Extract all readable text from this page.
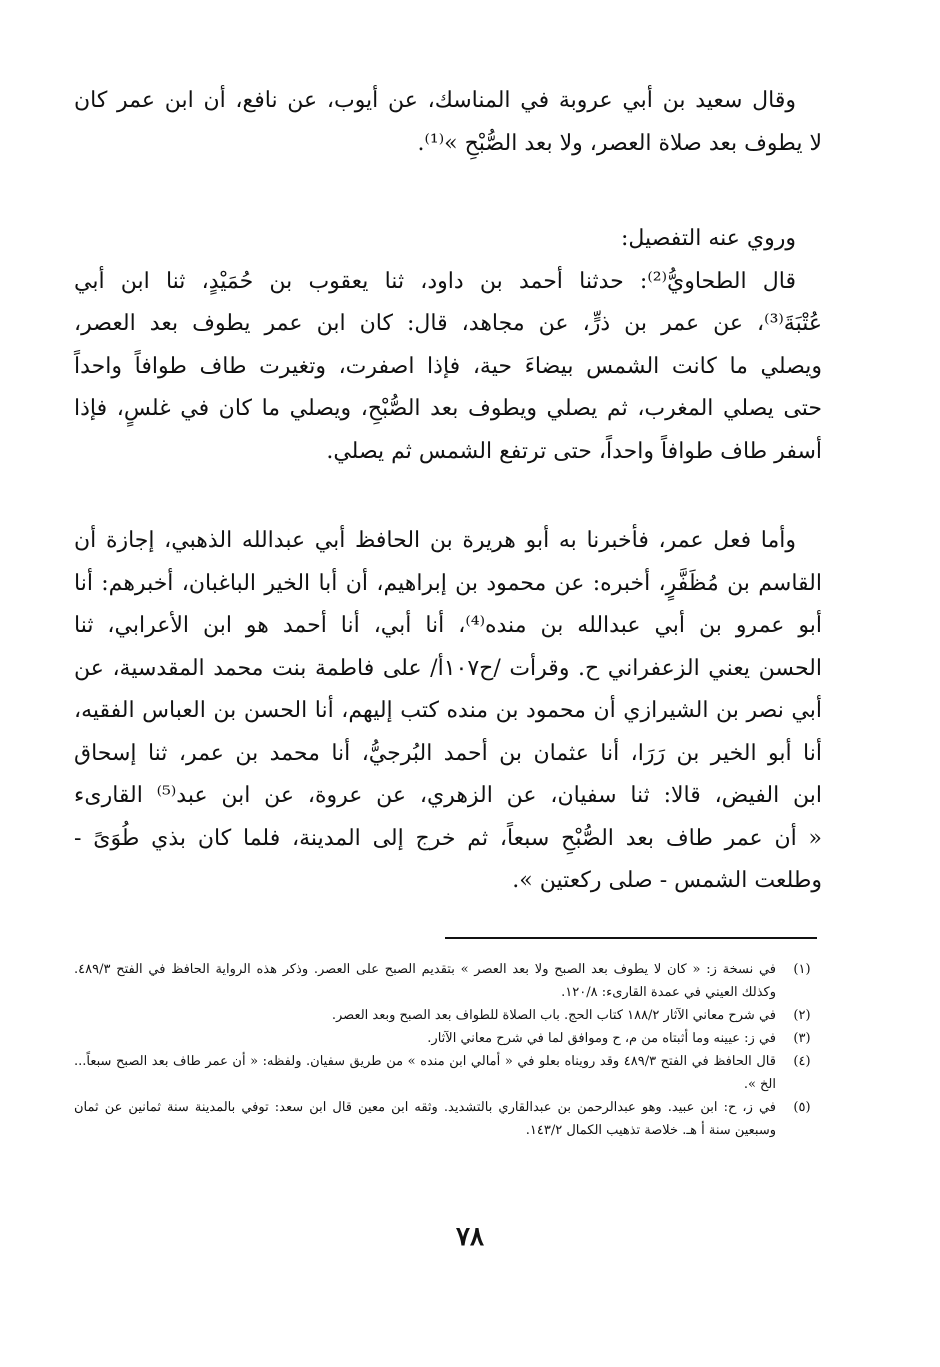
وقال سعيد بن أبي عروبة في المناسك، عن أيوب، عن نافع، أن ابن عمر كان
لا يطوف بعد صلاة العصر، ولا بعد الصُّبْحِ »⁽¹⁾.
وروي عنه التفصيل:
قال الطحاويُّ⁽²⁾: حدثنا أحمد بن داود، ثنا يعقوب بن حُمَيْدٍ، ثنا ابن أبي
عُتْبَةَ⁽³⁾، عن عمر بن ذرٍّ، عن مجاهد، قال: كان ابن عمر يطوف بعد العصر،
ويصلي ما كانت الشمس بيضاءَ حية، فإذا اصفرت، وتغيرت طاف طوافاً واحداً
حتى يصلي المغرب، ثم يصلي ويطوف بعد الصُّبْحِ، ويصلي ما كان في غلسٍ، فإذا
أسفر طاف طوافاً واحداً، حتى ترتفع الشمس ثم يصلي.
وأما فعل عمر، فأخبرنا به أبو هريرة بن الحافظ أبي عبدالله الذهبي، إجازة أن
القاسم بن مُظَفَّرٍ، أخبره: عن محمود بن إبراهيم، أن أبا الخير الباغبان، أخبرهم: أنا
أبو عمرو بن أبي عبدالله بن منده⁽⁴⁾، أنا أبي، أنا أحمد هو ابن الأعرابي، ثنا
الحسن يعني الزعفراني ح. وقرأت /ح١٠٧أ/ على فاطمة بنت محمد المقدسية، عن
أبي نصر بن الشيرازي أن محمود بن منده كتب إليهم، أنا الحسن بن العباس الفقيه،
أنا أبو الخير بن رَرَا، أنا عثمان بن أحمد البُرجيُّ، أنا محمد بن عمر، ثنا إسحاق
ابن الفيض، قالا: ثنا سفيان، عن الزهري، عن عروة، عن ابن عبد⁽⁵⁾ القارىء
« أن عمر طاف بعد الصُّبْحِ سبعاً، ثم خرج إلى المدينة، فلما كان بذي طُوَىً -
وطلعت الشمس - صلى ركعتين ».
(١)
في نسخة ز: « كان لا يطوف بعد الصبح ولا بعد العصر » بتقديم الصبح على العصر. وذكر هذه الرواية الحافظ في الفتح ٤٨٩/٣. وكذلك العيني في عمدة القارىء: ١٢٠/٨.
(٢)
في شرح معاني الآثار ١٨٨/٢ كتاب الحج. باب الصلاة للطواف بعد الصبح وبعد العصر.
(٣)
في ز: عيينه وما أثبتاه من م، ح وموافق لما في شرح معاني الآثار.
(٤)
قال الحافظ في الفتح ٤٨٩/٣ وقد رويناه بعلو في « أمالي ابن منده » من طريق سفيان. ولفظه: « أن عمر طاف بعد الصبح سبعاً... الخ ».
(٥)
في ز، ح: ابن عبيد. وهو عبدالرحمن بن عبدالقاري بالتشديد. وثقه ابن معين قال ابن سعد: توفي بالمدينة سنة ثمانين عن ثمان وسبعين سنة أ هـ. خلاصة تذهيب الكمال ١٤٣/٢.
٧٨
